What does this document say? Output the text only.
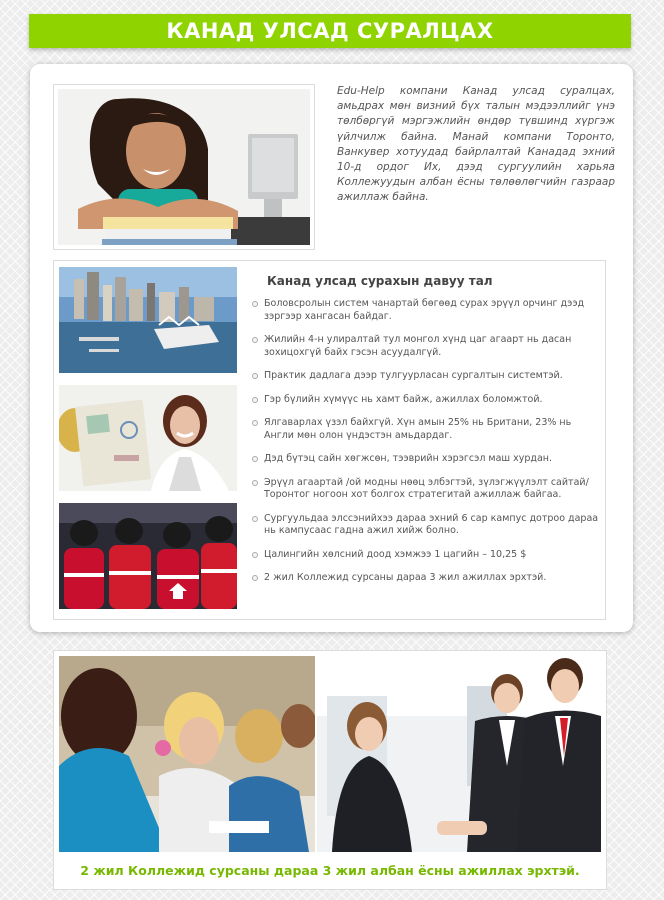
КАНАД УЛСАД СУРАЛЦАХ

Edu-Help компани Канад улсад суралцах, амьдрах мөн визний бүх талын мэдээллийг үнэ төлбөргүй мэргэжлийн өндөр түвшинд хүргэж үйлчилж байна. Манай компани Торонто, Ванкувер хотуудад байрлалтай Канадад эхний 10-д ордог Их, дээд сургуулийн харьяа Коллежуудын албан ёсны төлөөлөгчийн газраар ажиллаж байна.

Канад улсад сурахын давуу тал
Боловсролын систем чанартай бөгөөд сурах эрүүл орчинг дээд зэргээр хангасан байдаг.
Жилийн 4-н улиралтай тул монгол хүнд цаг агаарт нь дасан зохицохгүй байх гэсэн асуудалгүй.
Практик дадлага дээр тулгуурласан сургалтын системтэй.
Гэр бүлийн хүмүүс нь хамт байж, ажиллах боломжтой.
Ялгаварлах үзэл байхгүй. Хүн амын 25% нь Британи, 23% нь Англи мөн олон үндэстэн амьдардаг.
Дэд бүтэц сайн хөгжсөн, тээврийн хэрэгсэл маш хурдан.
Эрүүл агаартай /ой модны нөөц элбэгтэй, зүлэгжүүлэлт сайтай/ Торонтог ногоон хот болгох стратегитай ажиллаж байгаа.
Сургуульдаа элссэнийхээ дараа эхний 6 сар кампус дотроо дараа нь кампусаас гадна ажил хийж болно.
Цалингийн хөлсний доод хэмжээ 1 цагийн – 10,25 $
2 жил Коллежид сурсаны дараа 3 жил ажиллах эрхтэй.
2 жил Коллежид сурсаны дараа 3 жил албан ёсны ажиллах эрхтэй.
